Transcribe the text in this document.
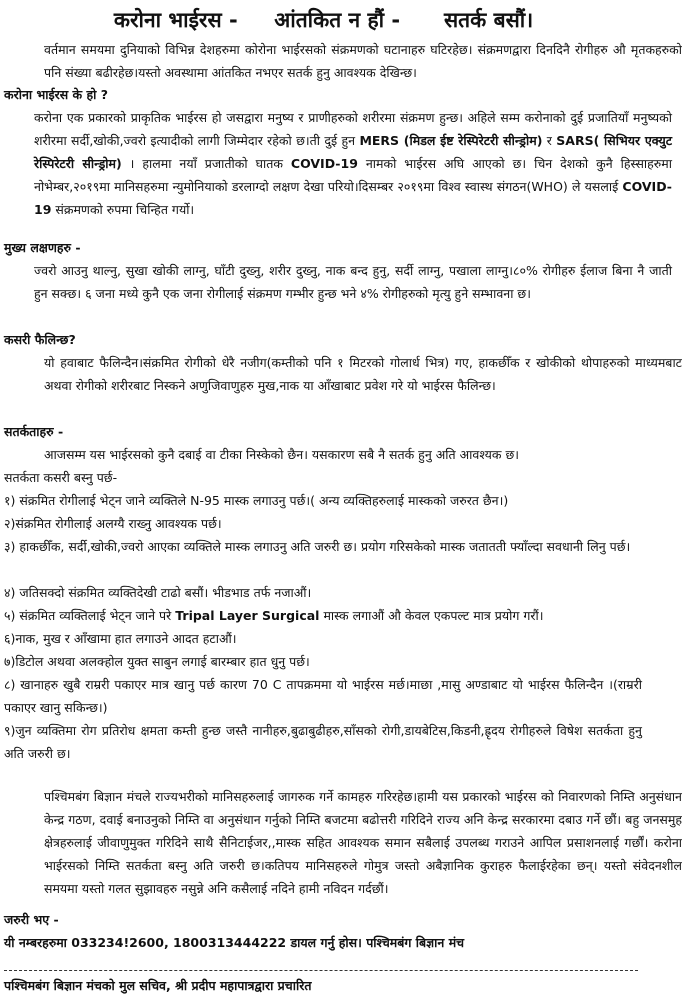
करोना भाईरस -     आंतकित न हौं -      सतर्क बसौं।
वर्तमान समयमा दुनियाको विभिन्न देशहरुमा कोरोना भाईरसको संक्रमणको घटानाहरु घटिरहेछ। संक्रमणद्वारा दिनदिनै रोगीहरु औ मृतकहरुको पनि संख्या बढीरहेछ।यस्तो अवस्थामा आंतकित नभएर सतर्क हुनु आवश्यक देखिन्छ।
करोना भाईरस के हो ?
करोना एक प्रकारको प्राकृतिक भाईरस हो जसद्वारा मनुष्य र प्राणीहरुको शरीरमा संक्रमण हुन्छ। अहिले सम्म करोनाको दुई प्रजातियाँ मनुष्यको शरीरमा सर्दी,खोकी,ज्वरो इत्यादीको लागी जिम्मेदार रहेको छ।ती दुई हुन MERS (मिडल ईष्ट रेस्पिरेटरी सीन्ड्रोम) र SARS( सिभियर एक्युट रेस्पिरेटरी सीन्ड्रोम) । हालमा नयाँ प्रजातीको घातक COVID-19 नामको भाईरस अघि आएको छ। चिन देशको कुनै हिस्साहरुमा नोभेम्बर,२०१९मा मानिसहरुमा न्युमोनियाको डरलाग्दो लक्षण देखा परियो।दिसम्बर २०१९मा विश्व स्वास्थ संगठन(WHO) ले यसलाई COVID-19 संक्रमणको रुपमा चिन्हित गर्यो।
मुख्य लक्षणहरु -
ज्वरो आउनु थाल्नु, सुखा खोकी लाग्नु, घाँटी दुख्नु, शरीर दुख्नु, नाक बन्द हुनु, सर्दी लाग्नु, पखाला लाग्नु।८०% रोगीहरु ईलाज बिना नै जाती हुन सक्छ। ६ जना मध्ये कुनै एक जना रोगीलाई संक्रमण गम्भीर हुन्छ भने ४% रोगीहरुको मृत्यु हुने सम्भावना छ।
कसरी फैलिन्छ?
यो हवाबाट फैलिन्दैन।संक्रमित रोगीको धेरै नजीग(कम्तीको पनि १ मिटरको गोलार्ध भित्र) गए, हाकछीँक र खोकीको थोपाहरुको माध्यमबाट अथवा रोगीको शरीरबाट निस्कने अणुजिवाणुहरु मुख,नाक या आँखाबाट प्रवेश गरे यो भाईरस फैलिन्छ।
सतर्कताहरु -
आजसम्म यस भाईरसको कुनै दबाई वा टीका निस्केको छैन। यसकारण सबै नै सतर्क हुनु अति आवश्यक छ।
सतर्कता कसरी बस्नु पर्छ-
१) संक्रमित रोगीलाई भेट्न जाने व्यक्तिले N-95 मास्क लगाउनु पर्छ।( अन्य व्यक्तिहरुलाई मास्कको जरुरत छैन।)
२)संक्रमित रोगीलाई अलग्यै राख्नु आवश्यक पर्छ।
३) हाकछीँक, सर्दी,खोकी,ज्वरो आएका व्यक्तिले मास्क लगाउनु अति जरुरी छ। प्रयोग गरिसकेको मास्क जतातती फ्याँल्दा सवधानी लिनु पर्छ।
४) जतिसक्दो संक्रमित व्यक्तिदेखी टाढो बसौं। भीडभाड तर्फ नजाऔं।
५) संक्रमित व्यक्तिलाई भेट्न जाने परे Tripal Layer Surgical मास्क लगाऔं औ केवल एकपल्ट मात्र प्रयोग गरौं।
६)नाक, मुख र आँखामा हात लगाउने आदत हटाऔं।
७)डिटोल अथवा अलक्होल युक्त साबुन लगाई बारम्बार हात धुनु पर्छ।
८) खानाहरु खुबै राम्ररी पकाएर मात्र खानु पर्छ कारण 70 C तापक्रममा यो भाईरस मर्छ।माछा ,मासु अण्डाबाट यो भाईरस फैलिन्दैन ।(राम्ररी पकाएर खानु सकिन्छ।)
९)जुन व्यक्तिमा रोग प्रतिरोध क्षमता कम्ती हुन्छ जस्तै नानीहरु,बुढाबुढीहरु,साँसको रोगी,डायबेटिस,किडनी,ह्रृदय रोगीहरुले विषेश सतर्कता हुनु अति जरुरी छ।
पश्चिमबंग बिज्ञान मंचले राज्यभरीको मानिसहरुलाई जागरुक गर्ने कामहरु गरिरहेछ।हामी यस प्रकारको भाईरस को निवारणको निम्ति अनुसंधान केन्द्र गठण, दवाई बनाउनुको निम्ति वा अनुसंधान गर्नुको निम्ति बजटमा बढोत्तरी गरिदिने राज्य अनि केन्द्र सरकारमा दबाउ गर्ने छौं। बहु जनसमुह क्षेत्रहरुलाई जीवाणुमुक्त गरिदिने साथै सैनिटाईजर,,मास्क सहित आवश्यक समान सबैलाई उपलब्ध गराउने आपिल प्रसाशनलाई गर्छौं। करोना भाईरसको निम्ति सतर्कता बस्नु अति जरुरी छ।कतिपय मानिसहरुले गोमुत्र जस्तो अबैज्ञानिक कुराहरु फैलाईरहेका छन्। यस्तो संवेदनशील समयमा यस्तो गलत सुझावहरु नसुन्ने अनि कसैलाई नदिने हामी नविदन गर्दछौं।
जरुरी भए -
यी नम्बरहरुमा 033234!2600, 1800313444222 डायल गर्नु होस। पश्चिमबंग बिज्ञान मंच
पश्चिमबंग बिज्ञान मंचको मुल सचिव, श्री प्रदीप महापात्रद्वारा प्रचारित
